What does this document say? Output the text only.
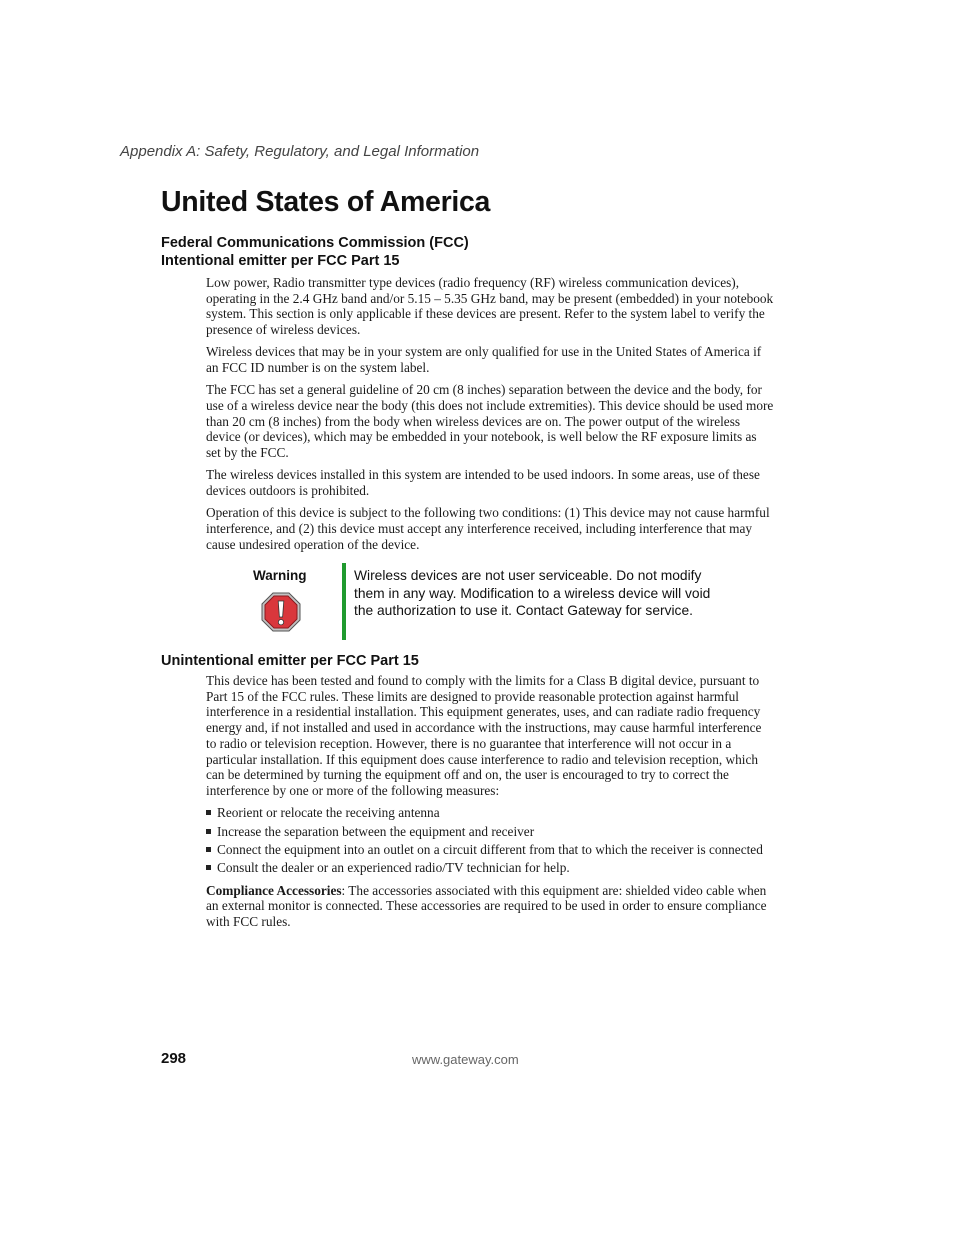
Appendix A: Safety, Regulatory, and Legal Information
United States of America
Federal Communications Commission (FCC)
Intentional emitter per FCC Part 15

Low power, Radio transmitter type devices (radio frequency (RF) wireless communication devices), operating in the 2.4 GHz band and/or 5.15 – 5.35 GHz band, may be present (embedded) in your notebook system. This section is only applicable if these devices are present. Refer to the system label to verify the presence of wireless devices.

Wireless devices that may be in your system are only qualified for use in the United States of America if an FCC ID number is on the system label.

The FCC has set a general guideline of 20 cm (8 inches) separation between the device and the body, for use of a wireless device near the body (this does not include extremities). This device should be used more than 20 cm (8 inches) from the body when wireless devices are on. The power output of the wireless device (or devices), which may be embedded in your notebook, is well below the RF exposure limits as set by the FCC.

The wireless devices installed in this system are intended to be used indoors. In some areas, use of these devices outdoors is prohibited.

Operation of this device is subject to the following two conditions: (1) This device may not cause harmful interference, and (2) this device must accept any interference received, including interference that may cause undesired operation of the device.

Warning	Wireless devices are not user serviceable. Do not modify them in any way. Modification to a wireless device will void the authorization to use it. Contact Gateway for service.
Unintentional emitter per FCC Part 15

This device has been tested and found to comply with the limits for a Class B digital device, pursuant to Part 15 of the FCC rules. These limits are designed to provide reasonable protection against harmful interference in a residential installation. This equipment generates, uses, and can radiate radio frequency energy and, if not installed and used in accordance with the instructions, may cause harmful interference to radio or television reception. However, there is no guarantee that interference will not occur in a particular installation. If this equipment does cause interference to radio and television reception, which can be determined by turning the equipment off and on, the user is encouraged to try to correct the interference by one or more of the following measures:

Reorient or relocate the receiving antenna
Increase the separation between the equipment and receiver
Connect the equipment into an outlet on a circuit different from that to which the receiver is connected
Consult the dealer or an experienced radio/TV technician for help.

Compliance Accessories: The accessories associated with this equipment are: shielded video cable when an external monitor is connected. These accessories are required to be used in order to ensure compliance with FCC rules.

298	www.gateway.com
